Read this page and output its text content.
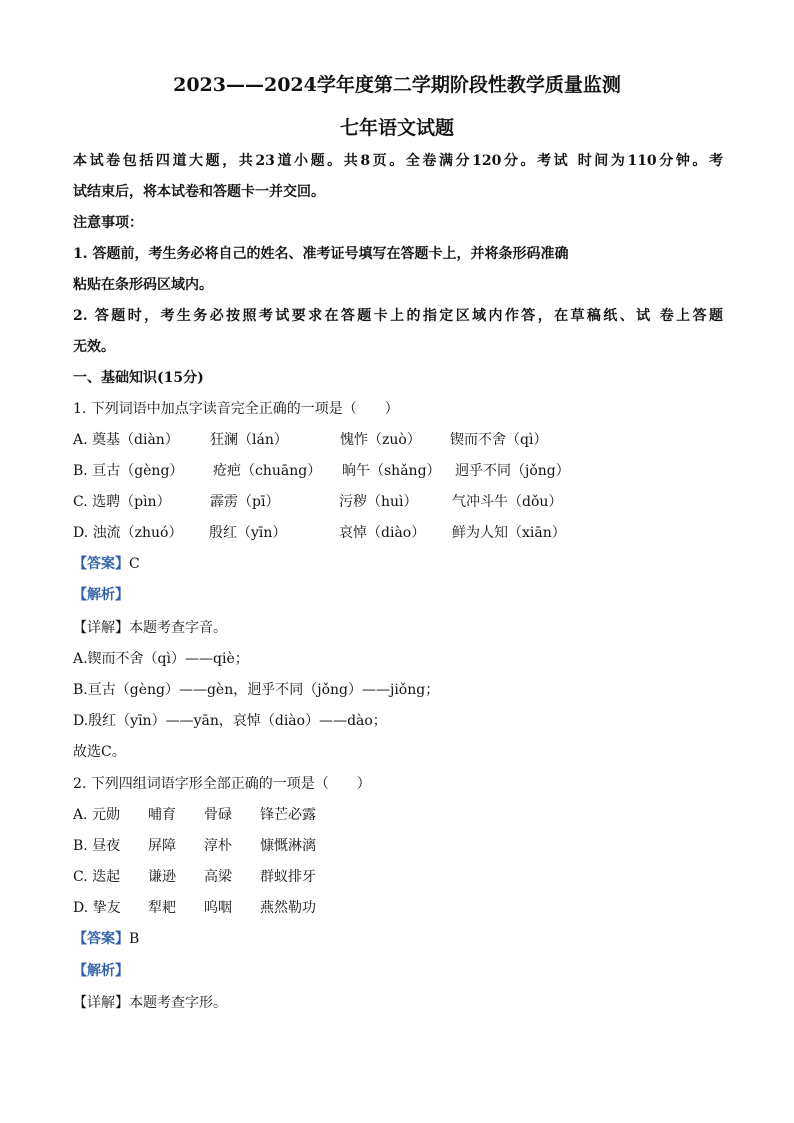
2023——2024学年度第二学期阶段性教学质量监测
七年语文试题
本试卷包括四道大题，共23道小题。共8页。全卷满分120分。考试 时间为110分钟。考
试结束后，将本试卷和答题卡一并交回。
注意事项：
1. 答题前，考生务必将自己的姓名、准考证号填写在答题卡上，并将条形码准确
粘贴在条形码区域内。
2. 答题时，考生务必按照考试要求在答题卡上的指定区域内作答，在草稿纸、试 卷上答题
无效。
一、基础知识(15分)
1. 下列词语中加点字读音完全正确的一项是（　　）
A. 奠基（diàn） 狂澜（lán）	愧怍（zuò） 锲而不舍（qì）
B. 亘古（gèng） 疮疤（chuāng） 晌午（shǎng） 迥乎不同（jǒng）
C. 选聘（pìn）	霹雳（pī）	污秽（huì） 气冲斗牛（dǒu）
D. 浊流（zhuó） 殷红（yīn）	哀悼（diào） 鲜为人知（xiān）
【答案】C
【解析】
【详解】本题考查字音。
A.锲而不舍（qì）——qiè；
B.亘古（gèng）——gèn，迥乎不同（jǒng）——jiǒng；
D.殷红（yīn）——yān，哀悼（diào）——dào；
故选C。
2. 下列四组词语字形全部正确的一项是（　　）
A. 元勋 哺育 骨碌 锋芒必露
B. 昼夜 屏障 淳朴 慷慨淋漓
C. 迭起 谦逊 高梁 群蚁排牙
D. 挚友 犁耙 呜咽 燕然勒功
【答案】B
【解析】
【详解】本题考查字形。
